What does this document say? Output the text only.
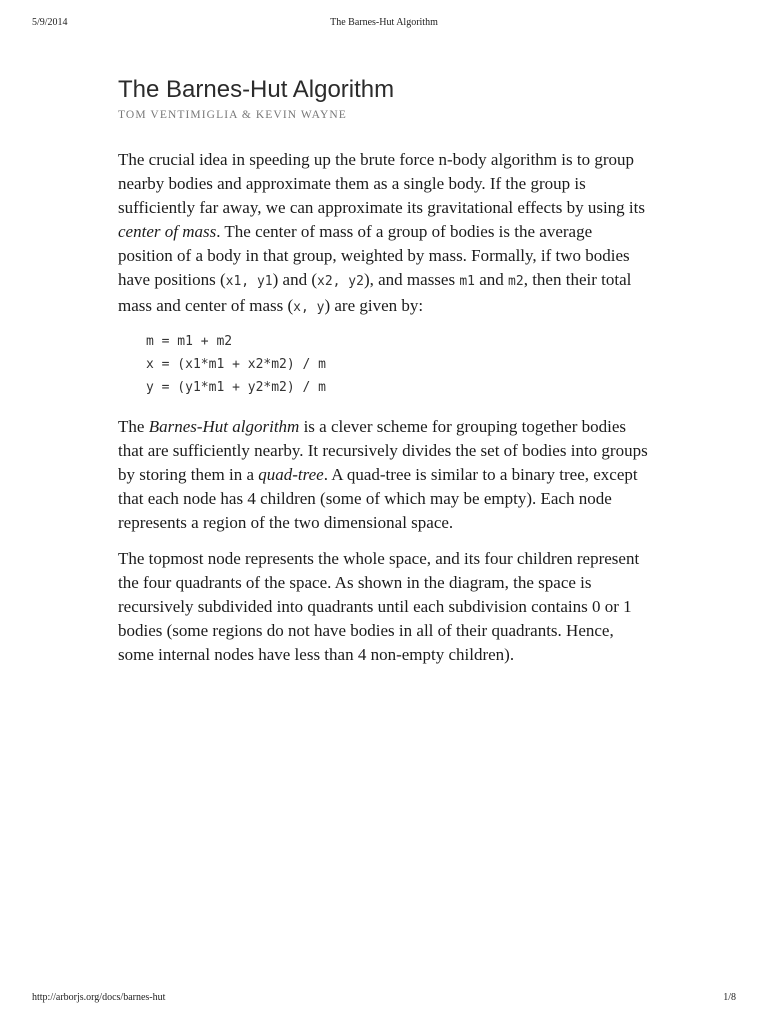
5/9/2014	The Barnes-Hut Algorithm
The Barnes-Hut Algorithm
TOM VENTIMIGLIA & KEVIN WAYNE

The crucial idea in speeding up the brute force n-body algorithm is to group nearby bodies and approximate them as a single body. If the group is sufficiently far away, we can approximate its gravitational effects by using its center of mass. The center of mass of a group of bodies is the average position of a body in that group, weighted by mass. Formally, if two bodies have positions (x1, y1) and (x2, y2), and masses m1 and m2, then their total mass and center of mass (x, y) are given by:

m = m1 + m2
x = (x1*m1 + x2*m2) / m
y = (y1*m1 + y2*m2) / m

The Barnes-Hut algorithm is a clever scheme for grouping together bodies that are sufficiently nearby. It recursively divides the set of bodies into groups by storing them in a quad-tree. A quad-tree is similar to a binary tree, except that each node has 4 children (some of which may be empty). Each node represents a region of the two dimensional space.

The topmost node represents the whole space, and its four children represent the four quadrants of the space. As shown in the diagram, the space is recursively subdivided into quadrants until each subdivision contains 0 or 1 bodies (some regions do not have bodies in all of their quadrants. Hence, some internal nodes have less than 4 non-empty children).

http://arborjs.org/docs/barnes-hut	1/8
